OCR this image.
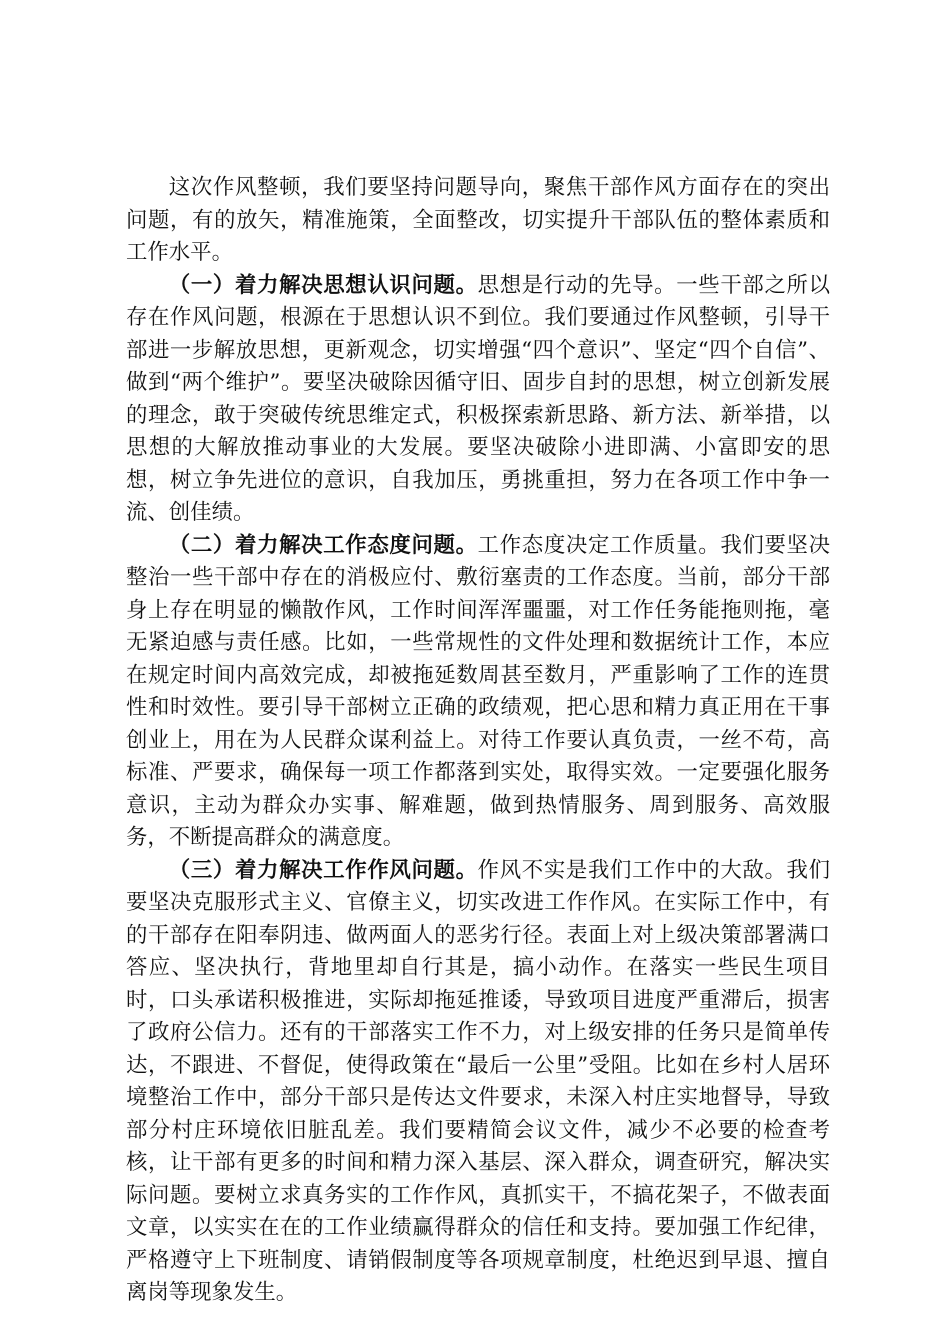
这次作风整顿，我们要坚持问题导向，聚焦干部作风方面存在的突出问题，有的放矢，精准施策，全面整改，切实提升干部队伍的整体素质和工作水平。

（一）着力解决思想认识问题。思想是行动的先导。一些干部之所以存在作风问题，根源在于思想认识不到位。我们要通过作风整顿，引导干部进一步解放思想，更新观念，切实增强“四个意识”、坚定“四个自信”、做到“两个维护”。要坚决破除因循守旧、固步自封的思想，树立创新发展的理念，敢于突破传统思维定式，积极探索新思路、新方法、新举措，以思想的大解放推动事业的大发展。要坚决破除小进即满、小富即安的思想，树立争先进位的意识，自我加压，勇挑重担，努力在各项工作中争一流、创佳绩。

（二）着力解决工作态度问题。工作态度决定工作质量。我们要坚决整治一些干部中存在的消极应付、敷衍塞责的工作态度。当前，部分干部身上存在明显的懒散作风，工作时间浑浑噩噩，对工作任务能拖则拖，毫无紧迫感与责任感。比如，一些常规性的文件处理和数据统计工作，本应在规定时间内高效完成，却被拖延数周甚至数月，严重影响了工作的连贯性和时效性。要引导干部树立正确的政绩观，把心思和精力真正用在干事创业上，用在为人民群众谋利益上。对待工作要认真负责，一丝不苟，高标准、严要求，确保每一项工作都落到实处，取得实效。一定要强化服务意识，主动为群众办实事、解难题，做到热情服务、周到服务、高效服务，不断提高群众的满意度。

（三）着力解决工作作风问题。作风不实是我们工作中的大敌。我们要坚决克服形式主义、官僚主义，切实改进工作作风。在实际工作中，有的干部存在阳奉阴违、做两面人的恶劣行径。表面上对上级决策部署满口答应、坚决执行，背地里却自行其是，搞小动作。在落实一些民生项目时，口头承诺积极推进，实际却拖延推诿，导致项目进度严重滞后，损害了政府公信力。还有的干部落实工作不力，对上级安排的任务只是简单传达，不跟进、不督促，使得政策在“最后一公里”受阻。比如在乡村人居环境整治工作中，部分干部只是传达文件要求，未深入村庄实地督导，导致部分村庄环境依旧脏乱差。我们要精简会议文件，减少不必要的检查考核，让干部有更多的时间和精力深入基层、深入群众，调查研究，解决实际问题。要树立求真务实的工作作风，真抓实干，不搞花架子，不做表面文章，以实实在在的工作业绩赢得群众的信任和支持。要加强工作纪律，严格遵守上下班制度、请销假制度等各项规章制度，杜绝迟到早退、擅自离岗等现象发生。
